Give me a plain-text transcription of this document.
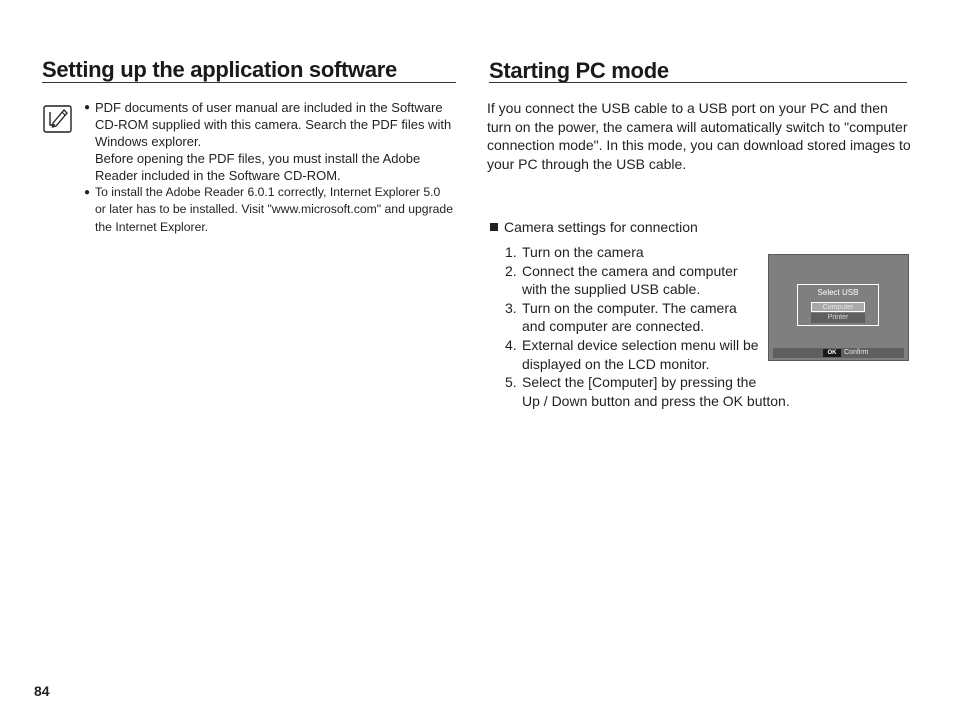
Setting up the application software
● PDF documents of user manual are included in the Software

CD-ROM supplied with this camera. Search the PDF files with

Windows explorer.

Before opening the PDF files, you must install the Adobe

Reader included in the Software CD-ROM.

● To install the Adobe Reader 6.0.1 correctly, Internet Explorer 5.0

or later has to be installed. Visit "www.microsoft.com" and upgrade

the Internet Explorer.

Starting PC mode
If you connect the USB cable to a USB port on your PC and then
turn on the power, the camera will automatically switch to "computer
connection mode". In this mode, you can download stored images to
your PC through the USB cable.
Camera settings for connection
1. Turn on the camera
2. Connect the camera and computer
with the supplied USB cable.
3. Turn on the computer. The camera
and computer are connected.
4. External device selection menu will be
displayed on the LCD monitor.
5. Select the [Computer] by pressing the
Up / Down button and press the OK button.
Select USB
Computer
Printer
OK	Confirm
84
